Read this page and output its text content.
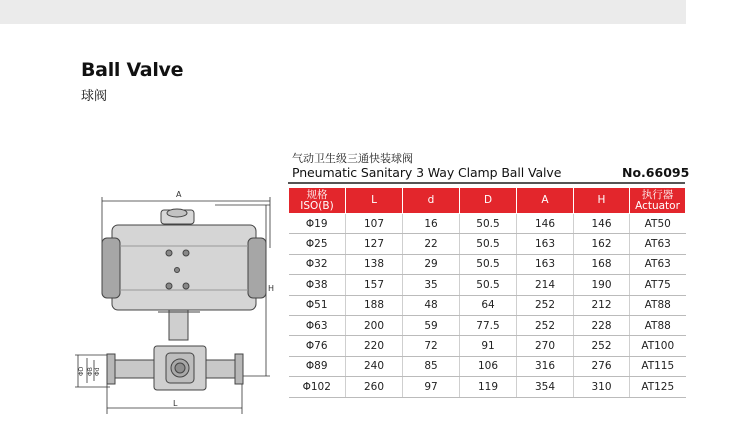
Ball Valve
球阀
气动卫生级三通快装球阀
Pneumatic Sanitary 3 Way Clamp Ball Valve	No.66095
A
H
L
ΦD ΦB Φd
规格
ISO(B)	L	d	D	A	H	执行器
Actuator
Φ19	107	16	50.5	146	146	AT50
Φ25	127	22	50.5	163	162	AT63
Φ32	138	29	50.5	163	168	AT63
Φ38	157	35	50.5	214	190	AT75
Φ51	188	48	64	252	212	AT88
Φ63	200	59	77.5	252	228	AT88
Φ76	220	72	91	270	252	AT100
Φ89	240	85	106	316	276	AT115
Φ102	260	97	119	354	310	AT125
